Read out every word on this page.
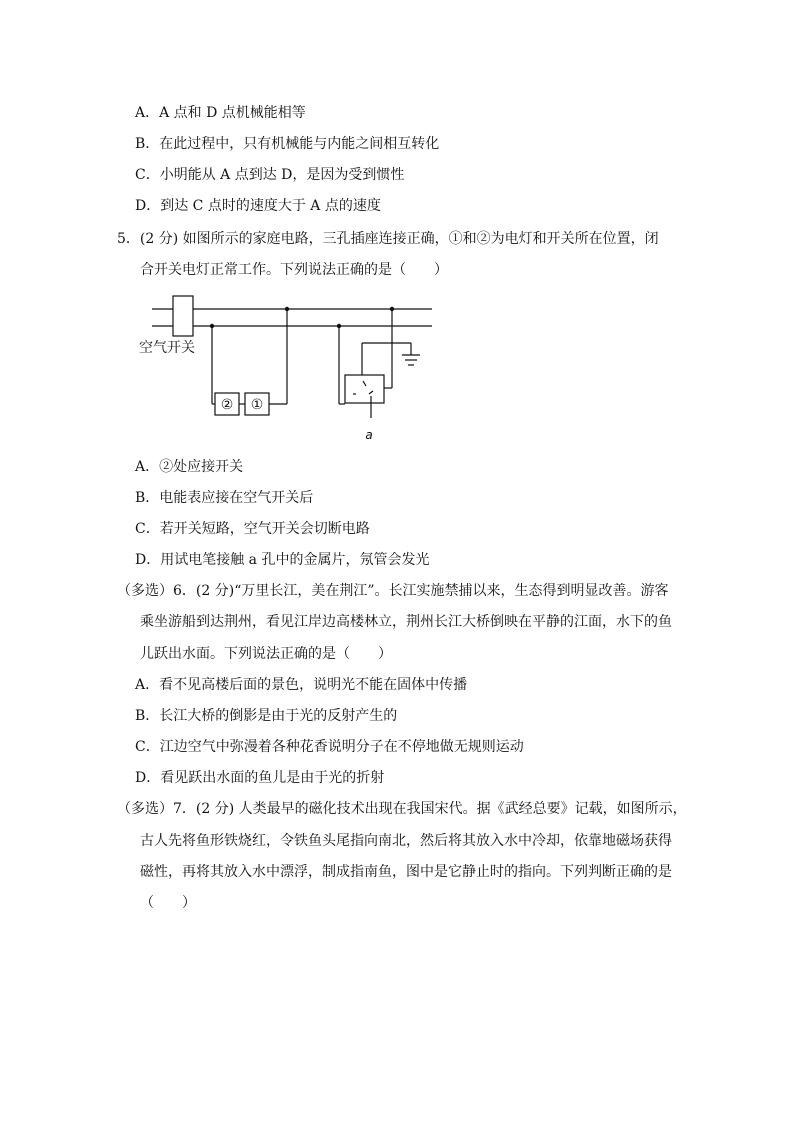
A．A 点和 D 点机械能相等
B．在此过程中，只有机械能与内能之间相互转化
C．小明能从 A 点到达 D，是因为受到惯性
D．到达 C 点时的速度大于 A 点的速度
5．(2 分) 如图所示的家庭电路，三孔插座连接正确，①和②为电灯和开关所在位置，闭
合开关电灯正常工作。下列说法正确的是（　　）
空气开关
② ①
a
A．②处应接开关
B．电能表应接在空气开关后
C．若开关短路，空气开关会切断电路
D．用试电笔接触 a 孔中的金属片，氖管会发光
（多选）6．(2 分)“万里长江，美在荆江”。长江实施禁捕以来，生态得到明显改善。游客
乘坐游船到达荆州，看见江岸边高楼林立，荆州长江大桥倒映在平静的江面，水下的鱼
儿跃出水面。下列说法正确的是（　　）
A．看不见高楼后面的景色，说明光不能在固体中传播
B．长江大桥的倒影是由于光的反射产生的
C．江边空气中弥漫着各种花香说明分子在不停地做无规则运动
D．看见跃出水面的鱼儿是由于光的折射
（多选）7．(2 分) 人类最早的磁化技术出现在我国宋代。据《武经总要》记载，如图所示，
古人先将鱼形铁烧红，令铁鱼头尾指向南北，然后将其放入水中冷却，依靠地磁场获得
磁性，再将其放入水中漂浮，制成指南鱼，图中是它静止时的指向。下列判断正确的是
（　　）
